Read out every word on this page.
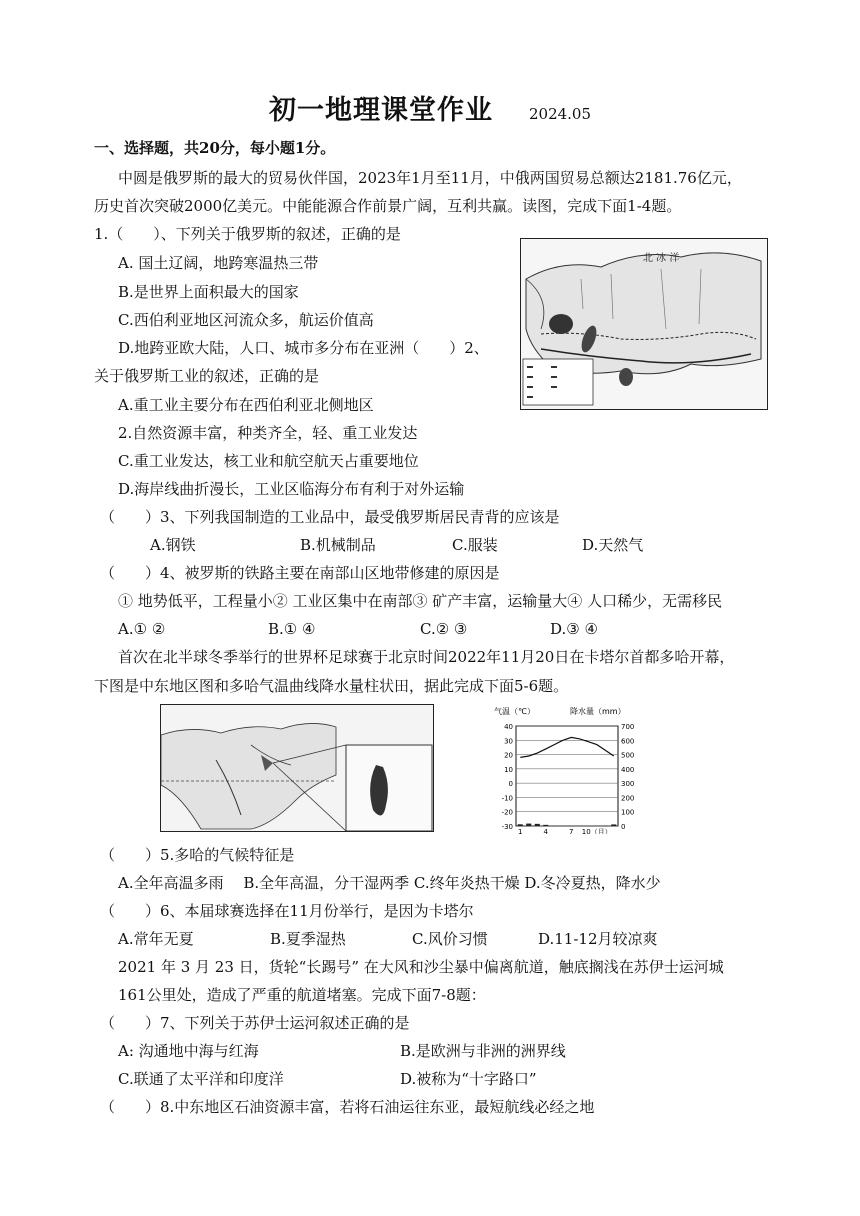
初一地理课堂作业 2024.05
一、选择题，共20分，每小题1分。
中圆是俄罗斯的最大的贸易伙伴国，2023年1月至11月，中俄两国贸易总额达2181.76亿元，
历史首次突破2000亿美元。中能能源合作前景广阔，互利共赢。读图，完成下面1-4题。
1.（　　）、下列关于俄罗斯的叙述，正确的是
A. 国土辽阔，地跨寒温热三带
B.是世界上面积最大的国家
C.西伯利亚地区河流众多，航运价值高
D.地跨亚欧大陆，人口、城市多分布在亚洲（　　）2、
关于俄罗斯工业的叙述，正确的是
A.重工业主要分布在西伯利亚北侧地区
2.自然资源丰富，种类齐全，轻、重工业发达
C.重工业发达，核工业和航空航天占重要地位
D.海岸线曲折漫长，工业区临海分布有利于对外运输
北 冰 洋
（　　）3、下列我国制造的工业品中，最受俄罗斯居民青背的应该是
A.钢铁	B.机械制品	C.服装	D.天然气
（　　）4、被罗斯的铁路主要在南部山区地带修建的原因是
① 地势低平，工程量小② 工业区集中在南部③ 矿产丰富，运输量大④ 人口稀少，无需移民
A.① ②	B.① ④	C.② ③	D.③ ④
首次在北半球冬季举行的世界杯足球赛于北京时间2022年11月20日在卡塔尔首都多哈开幕，
下图是中东地区图和多哈气温曲线降水量柱状田，据此完成下面5-6题。
气温（℃）	降水量（mm）
40
30
20
10
0
-10
-20
-30
700
600
500
400
300
200
100
0
1	4	7 10（月）
（　　）5.多哈的气候特征是
A.全年高温多雨　 B.全年高温，分干湿两季 C.终年炎热干燥 D.冬冷夏热，降水少
（　　）6、本届球赛选择在11月份举行，是因为卡塔尔
A.常年无夏	B.夏季湿热	C.风价习惯	D.11-12月较凉爽
2021 年 3 月 23 日，货轮“长踢号” 在大风和沙尘暴中偏离航道，触底搁浅在苏伊士运河城
161公里处，造成了严重的航道堵塞。完成下面7-8题：
（　　）7、下列关于苏伊士运河叙述正确的是
A: 沟通地中海与红海	B.是欧洲与非洲的洲界线
C.联通了太平洋和印度洋	D.被称为“十字路口”
（　　）8.中东地区石油资源丰富，若将石油运往东亚，最短航线必经之地
